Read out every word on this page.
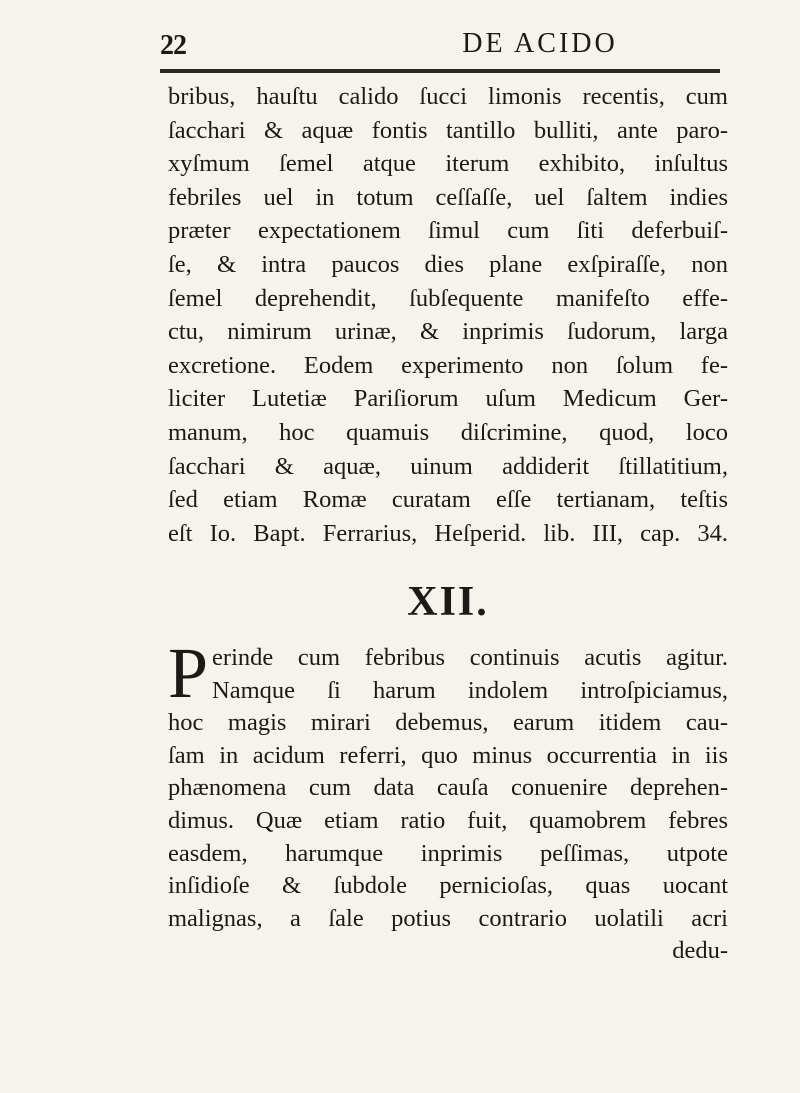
22	DE ACIDO
bribus, hauſtu calido ſucci limonis recentis, cum
ſacchari & aquæ fontis tantillo bulliti, ante paro-
xyſmum ſemel atque iterum exhibito, inſultus
febriles uel in totum ceſſaſſe, uel ſaltem indies
præter expectationem ſimul cum ſiti deferbuiſ-
ſe, & intra paucos dies plane exſpiraſſe, non
ſemel deprehendit, ſubſequente manifeſto effe-
ctu, nimirum urinæ, & inprimis ſudorum, larga
excretione. Eodem experimento non ſolum fe-
liciter Lutetiæ Pariſiorum uſum Medicum Ger-
manum, hoc quamuis diſcrimine, quod, loco
ſacchari & aquæ, uinum addiderit ſtillatitium,
ſed etiam Romæ curatam eſſe tertianam, teſtis
eſt Io. Bapt. Ferrarius, Heſperid. lib. III, cap. 34.
XII.
P erinde cum febribus continuis acutis agitur.
Namque ſi harum indolem introſpiciamus,
hoc magis mirari debemus, earum itidem cau-
ſam in acidum referri, quo minus occurrentia in iis
phænomena cum data cauſa conuenire deprehen-
dimus. Quæ etiam ratio fuit, quamobrem febres
easdem, harumque inprimis peſſimas, utpote
inſidioſe & ſubdole pernicioſas, quas uocant
malignas, a ſale potius contrario uolatili acri
dedu-
